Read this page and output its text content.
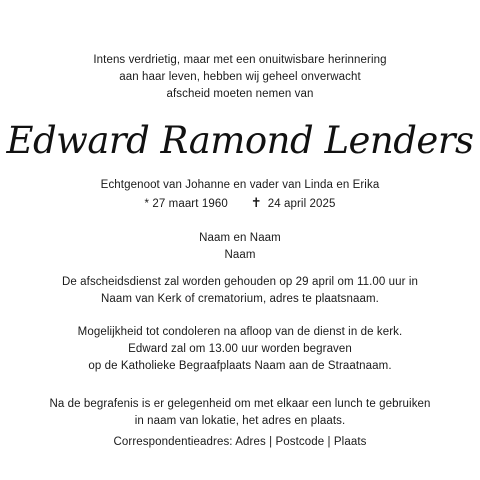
Intens verdrietig, maar met een onuitwisbare herinnering
aan haar leven, hebben wij geheel onverwacht
afscheid moeten nemen van
Edward Ramond Lenders
Echtgenoot van Johanne en vader van Linda en Erika
* 27 maart 1960 ✝ 24 april 2025
Naam en Naam
Naam
De afscheidsdienst zal worden gehouden op 29 april om 11.00 uur in
Naam van Kerk of crematorium, adres te plaatsnaam.
Mogelijkheid tot condoleren na afloop van de dienst in de kerk.
Edward zal om 13.00 uur worden begraven
op de Katholieke Begraafplaats Naam aan de Straatnaam.
Na de begrafenis is er gelegenheid om met elkaar een lunch te gebruiken
in naam van lokatie, het adres en plaats.
Correspondentieadres: Adres | Postcode | Plaats
